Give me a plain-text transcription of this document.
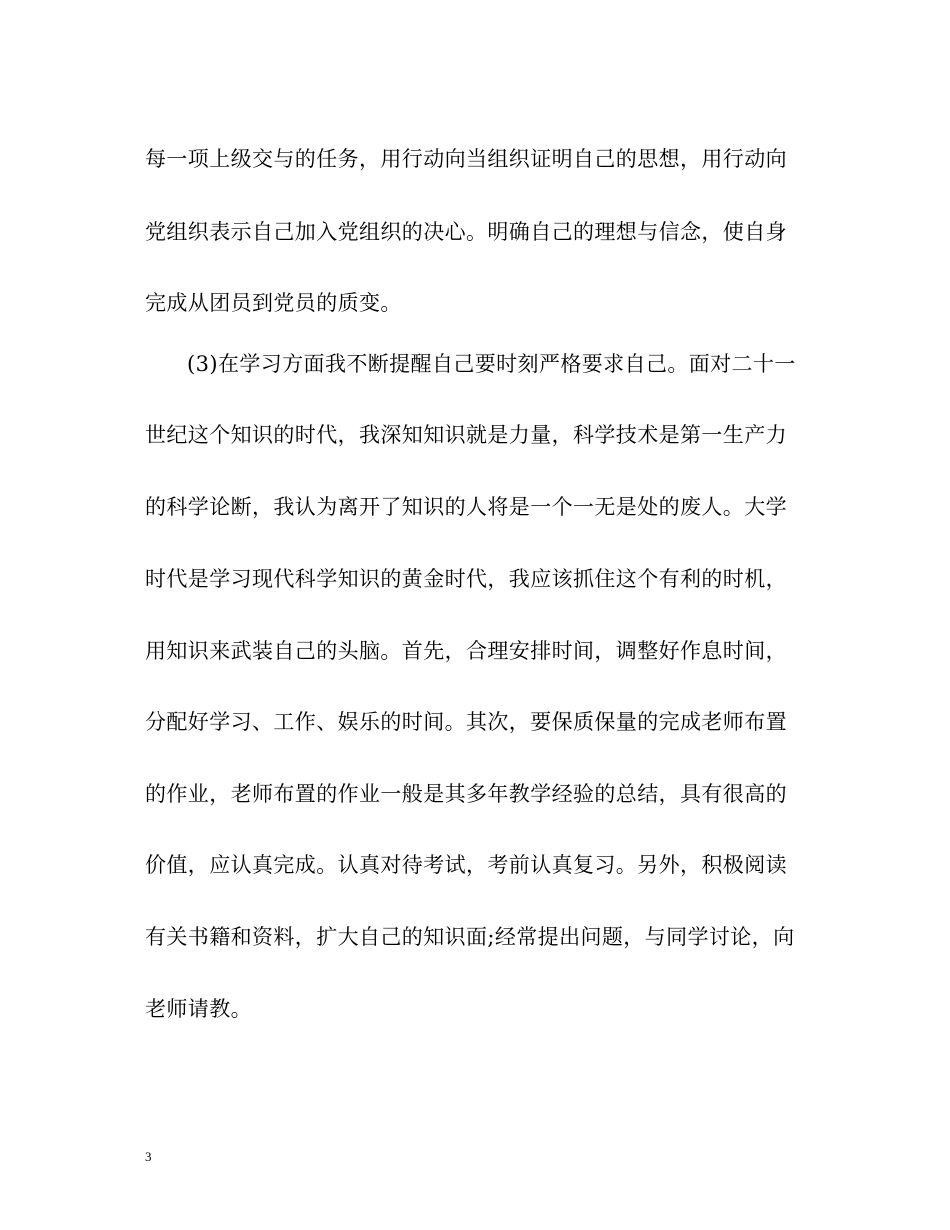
每一项上级交与的任务，用行动向当组织证明自己的思想，用行动向
党组织表示自己加入党组织的决心。明确自己的理想与信念，使自身
完成从团员到党员的质变。
(3)在学习方面我不断提醒自己要时刻严格要求自己。面对二十一
世纪这个知识的时代，我深知知识就是力量，科学技术是第一生产力
的科学论断，我认为离开了知识的人将是一个一无是处的废人。大学
时代是学习现代科学知识的黄金时代，我应该抓住这个有利的时机，
用知识来武装自己的头脑。首先，合理安排时间，调整好作息时间，
分配好学习、工作、娱乐的时间。其次，要保质保量的完成老师布置
的作业，老师布置的作业一般是其多年教学经验的总结，具有很高的
价值，应认真完成。认真对待考试，考前认真复习。另外，积极阅读
有关书籍和资料，扩大自己的知识面;经常提出问题，与同学讨论，向
老师请教。
3
